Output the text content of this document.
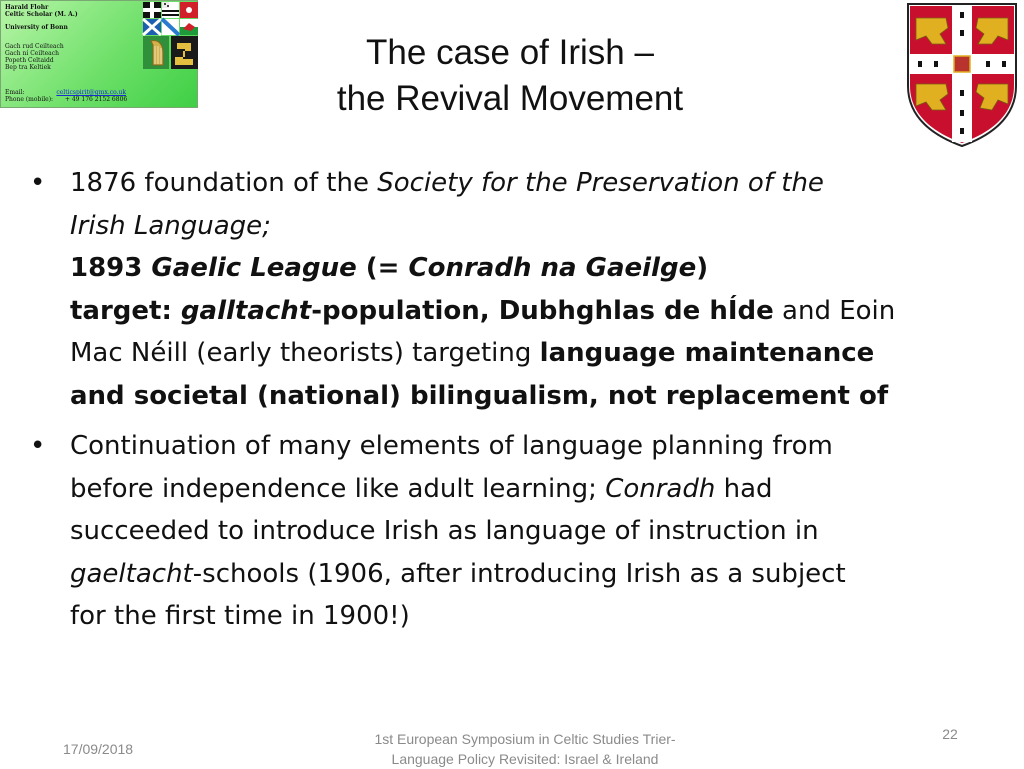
Harald Flohr
Celtic Scholar (M. A.)
University of Bonn
Gach rud Ceilteach
Gach ní Ceilteach
Popeth Celtaidd
Bep tra Keltiek
Email:	celticspirit@gmx.co.uk
Phone (mobile): + 49 176 2152 6806
The case of Irish –
the Revival Movement
• 1876 foundation of the Society for the Preservation of the
Irish Language;
1893 Gaelic League (= Conradh na Gaeilge)
target: galltacht-population, Dubhghlas de hÍde and Eoin
Mac Néill (early theorists) targeting language maintenance
and societal (national) bilingualism, not replacement of
• Continuation of many elements of language planning from
before independence like adult learning; Conradh had
succeeded to introduce Irish as language of instruction in
gaeltacht-schools (1906, after introducing Irish as a subject
for the first time in 1900!)
17/09/2018
1st European Symposium in Celtic Studies Trier-
Language Policy Revisited: Israel & Ireland
22
